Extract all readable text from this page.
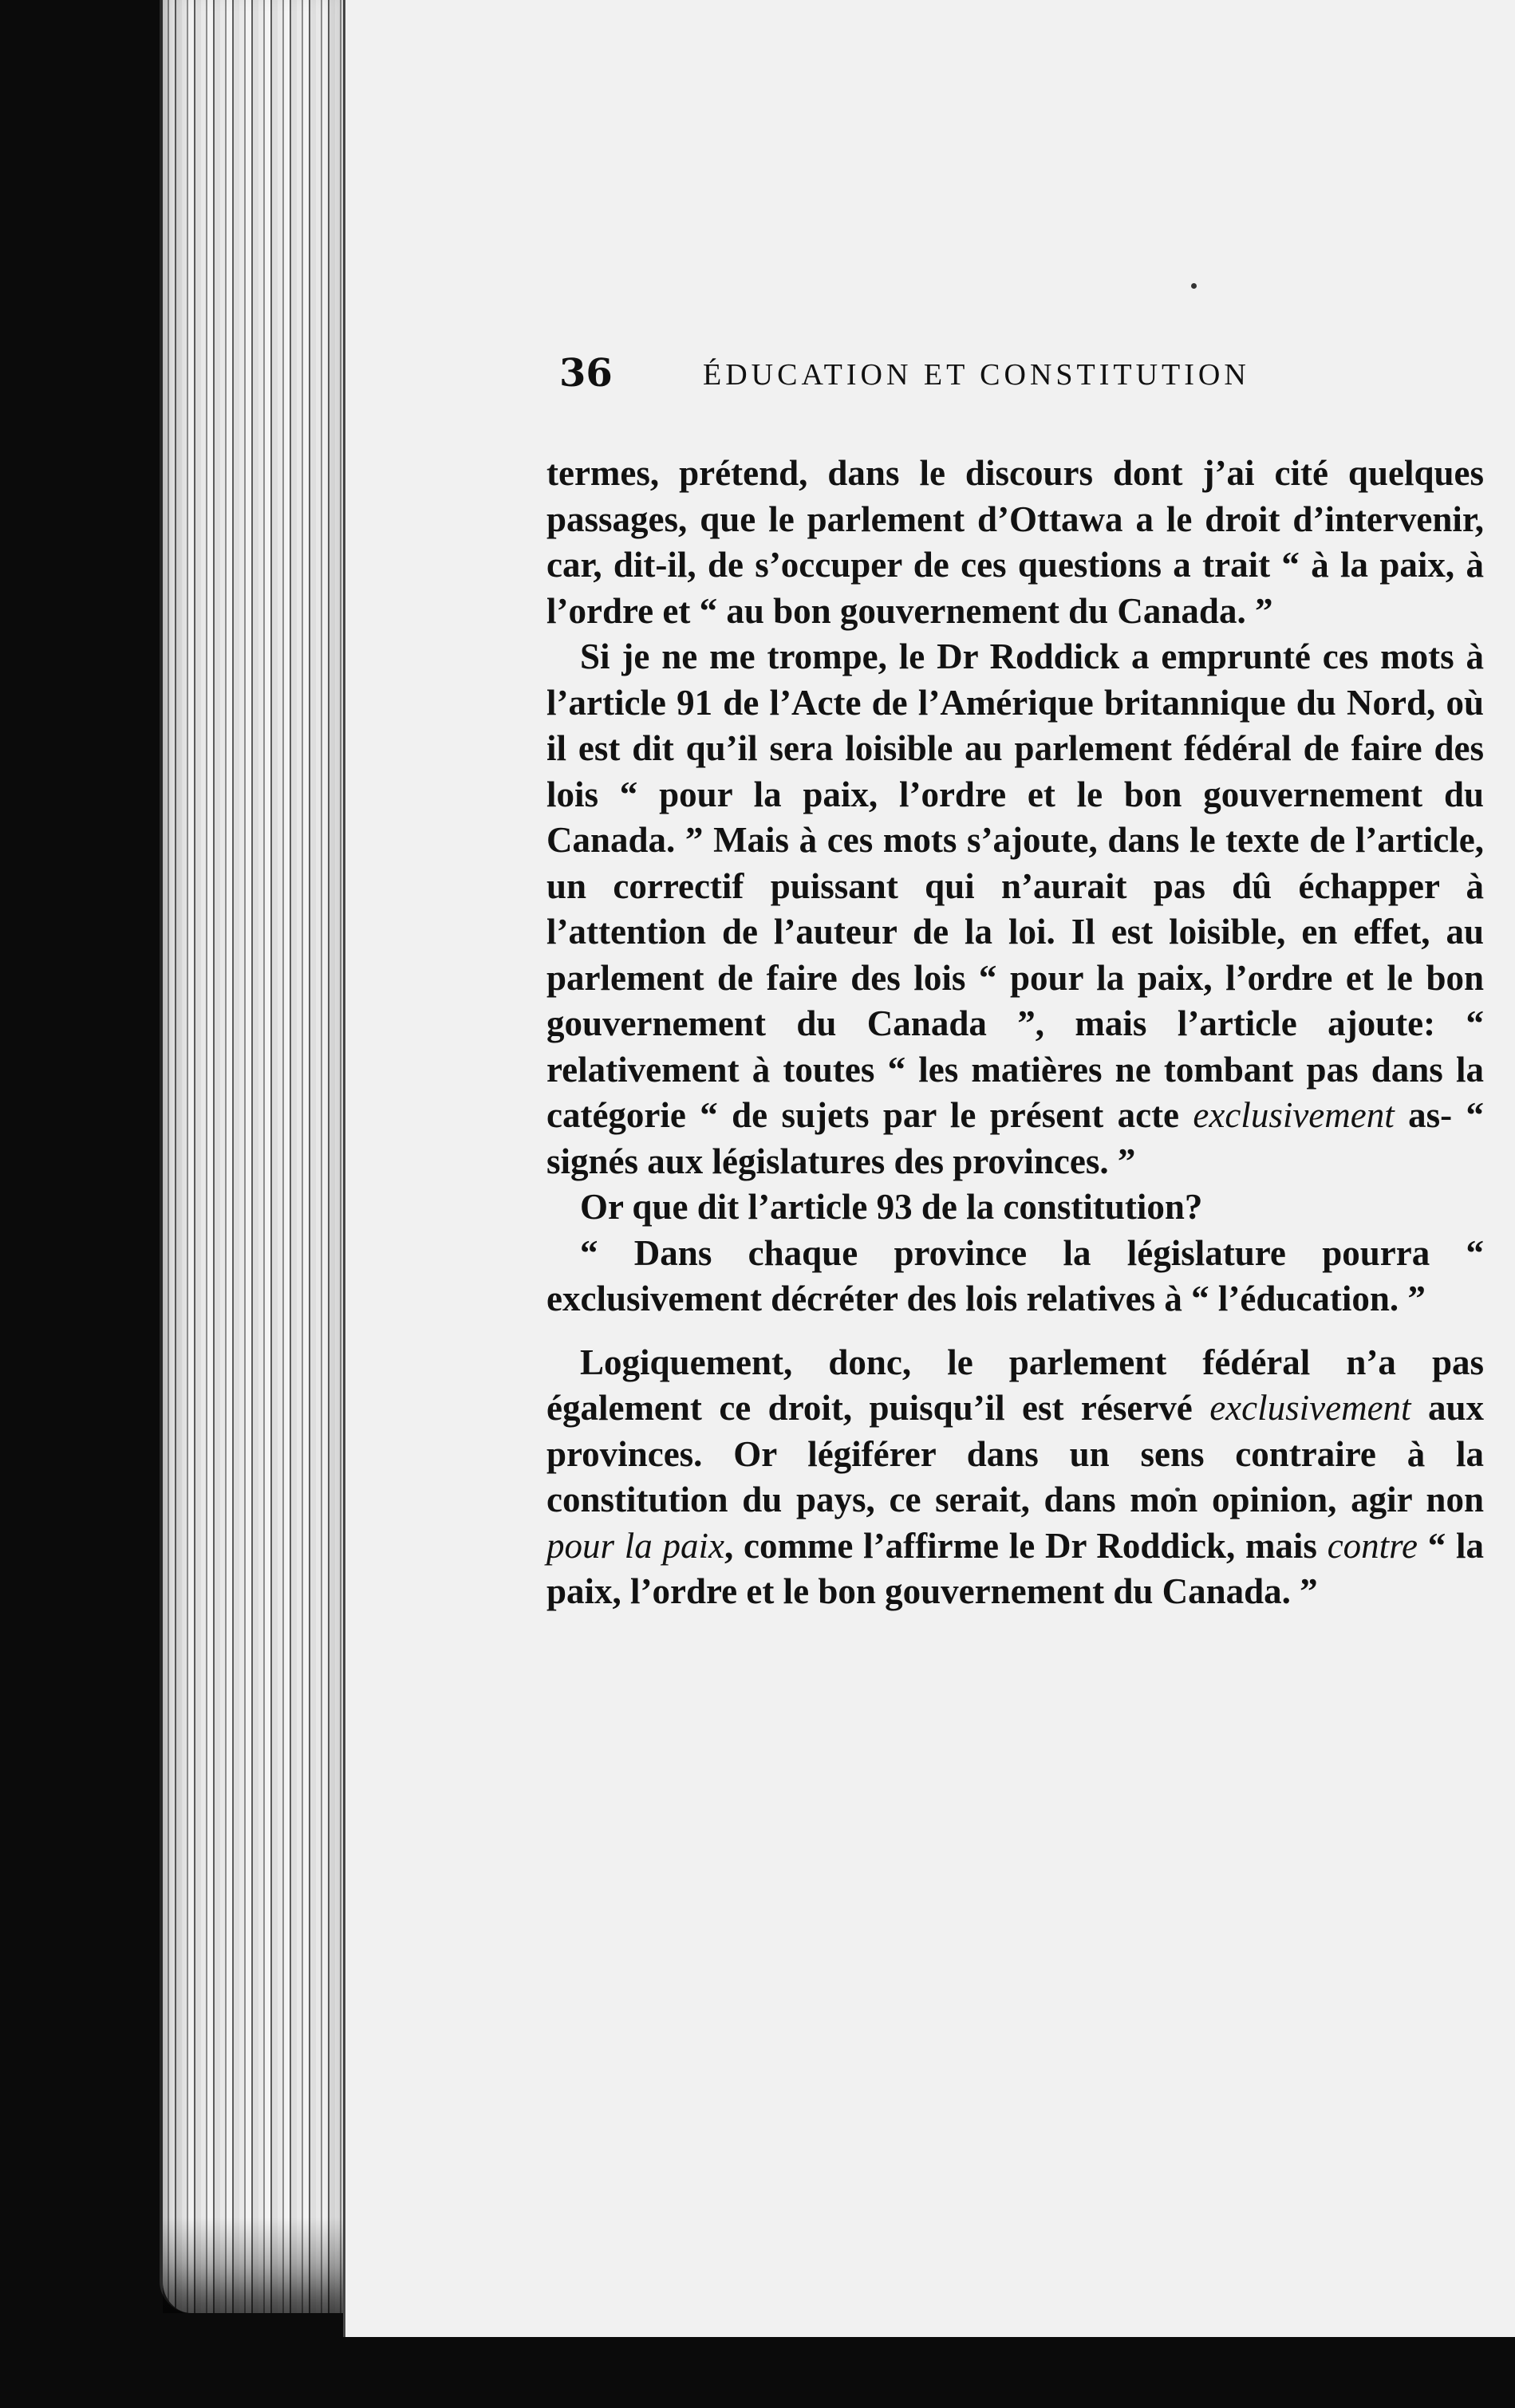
36	ÉDUCATION ET CONSTITUTION

termes, prétend, dans le discours dont j’ai cité quelques passages, que le parlement d’Ottawa a le droit d’intervenir, car, dit-il, de s’occuper de ces questions a trait “ à la paix, à l’ordre et “ au bon gouvernement du Canada. ”

Si je ne me trompe, le Dr Roddick a emprunté ces mots à l’article 91 de l’Acte de l’Amérique britannique du Nord, où il est dit qu’il sera loisible au parlement fédéral de faire des lois “ pour la paix, l’ordre et le bon gouvernement du Canada. ” Mais à ces mots s’ajoute, dans le texte de l’article, un correctif puissant qui n’aurait pas dû échapper à l’attention de l’auteur de la loi. Il est loisible, en effet, au parlement de faire des lois “ pour la paix, l’ordre et le bon gouvernement du Canada ”, mais l’article ajoute: “ relativement à toutes “ les matières ne tombant pas dans la catégorie “ de sujets par le présent acte exclusivement as- “ signés aux législatures des provinces. ”

Or que dit l’article 93 de la constitution?

“ Dans chaque province la législature pourra “ exclusivement décréter des lois relatives à “ l’éducation. ”

Logiquement, donc, le parlement fédéral n’a pas également ce droit, puisqu’il est réservé exclusivement aux provinces. Or légiférer dans un sens contraire à la constitution du pays, ce serait, dans mon opinion, agir non pour la paix, comme l’affirme le Dr Roddick, mais contre “ la paix, l’ordre et le bon gouvernement du Canada. ”
